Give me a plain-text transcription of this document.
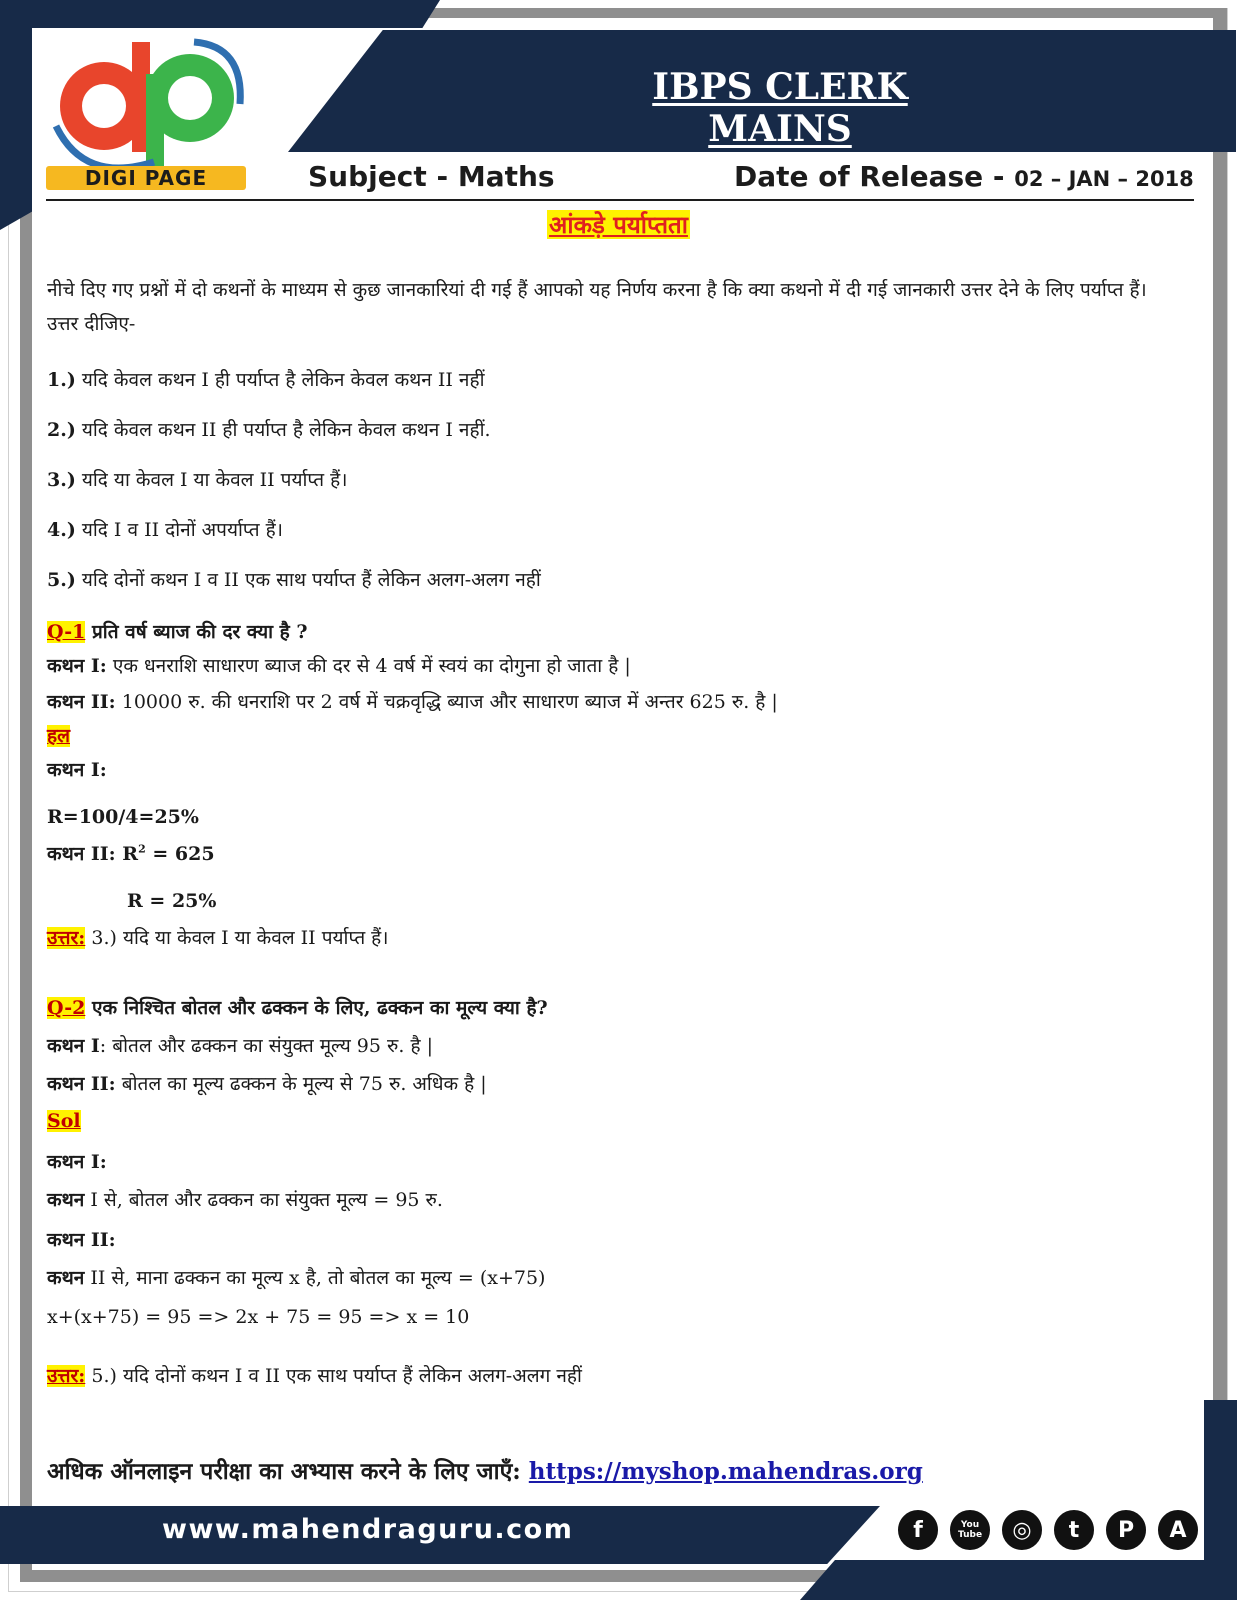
IBPS CLERK MAINS
DIGI PAGE	Subject - Maths	Date of Release - 02 – JAN – 2018
आंकड़े पर्याप्तता
नीचे दिए गए प्रश्नों में दो कथनों के माध्यम से कुछ जानकारियां दी गई हैं आपको यह निर्णय करना है कि क्या कथनो में दी गई जानकारी उत्तर देने के लिए पर्याप्त हैं।
उत्तर दीजिए-
1.) यदि केवल कथन I ही पर्याप्त है लेकिन केवल कथन II नहीं
2.) यदि केवल कथन II ही पर्याप्त है लेकिन केवल कथन I नहीं.
3.) यदि या केवल I या केवल II पर्याप्त हैं।
4.) यदि I व II दोनों अपर्याप्त हैं।
5.) यदि दोनों कथन I व II एक साथ पर्याप्त हैं लेकिन अलग-अलग नहीं
Q-1 प्रति वर्ष ब्याज की दर क्या है ?
कथन I: एक धनराशि साधारण ब्याज की दर से 4 वर्ष में स्वयं का दोगुना हो जाता है |
कथन II: 10000 रु. की धनराशि पर 2 वर्ष में चक्रवृद्धि ब्याज और साधारण ब्याज में अन्तर 625 रु. है |
हल
कथन I:
R=100/4=25%
कथन II: $R^2 = 625$
R = 25%
उत्तर: 3.) यदि या केवल I या केवल II पर्याप्त हैं।
Q-2 एक निश्चित बोतल और ढक्कन के लिए, ढक्कन का मूल्य क्या है?
कथन I: बोतल और ढक्कन का संयुक्त मूल्य 95 रु. है |
कथन II: बोतल का मूल्य ढक्कन के मूल्य से 75 रु. अधिक है |
Sol
कथन I:
कथन I से, बोतल और ढक्कन का संयुक्त मूल्य = 95 रु.
कथन II:
कथन II से, माना ढक्कन का मूल्य x है, तो बोतल का मूल्य = (x+75)
x+(x+75) = 95 => 2x + 75 = 95 => x = 10
उत्तर: 5.) यदि दोनों कथन I व II एक साथ पर्याप्त हैं लेकिन अलग-अलग नहीं
अधिक ऑनलाइन परीक्षा का अभ्यास करने के लिए जाएँ: https://myshop.mahendras.org
www.mahendraguru.com	f	You Tube	◎	t	P	A
